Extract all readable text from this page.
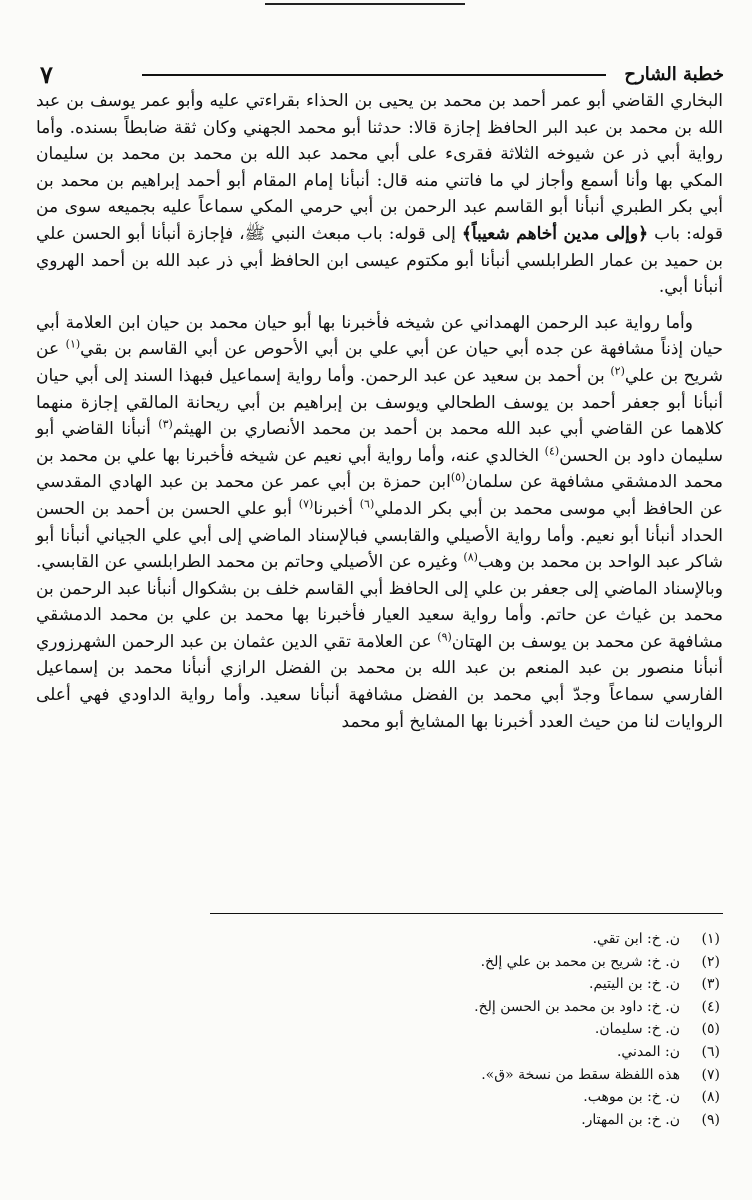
٧	خطبة الشارح

البخاري القاضي أبو عمر أحمد بن محمد بن يحيى بن الحذاء بقراءتي عليه وأبو عمر يوسف بن عبد الله بن محمد بن عبد البر الحافظ إجازة قالا: حدثنا أبو محمد الجهني وكان ثقة ضابطاً بسنده. وأما رواية أبي ذر عن شيوخه الثلاثة فقرىء على أبي محمد عبد الله بن محمد بن محمد بن سليمان المكي بها وأنا أسمع وأجاز لي ما فاتني منه قال: أنبأنا إمام المقام أبو أحمد إبراهيم بن محمد بن أبي بكر الطبري أنبأنا أبو القاسم عبد الرحمن بن أبي حرمي المكي سماعاً عليه بجميعه سوى من قوله: باب ﴿وإلى مدين أخاهم شعيباً﴾ إلى قوله: باب مبعث النبي ﷺ، فإجازة أنبأنا أبو الحسن علي بن حميد بن عمار الطرابلسي أنبأنا أبو مكتوم عيسى ابن الحافظ أبي ذر عبد الله بن أحمد الهروي أنبأنا أبي.

وأما رواية عبد الرحمن الهمداني عن شيخه فأخبرنا بها أبو حيان محمد بن حيان ابن العلامة أبي حيان إذناً مشافهة عن جده أبي حيان عن أبي علي بن أبي الأحوص عن أبي القاسم بن بقي$^{(١)}$ عن شريح بن علي$^{(٢)}$ بن أحمد بن سعيد عن عبد الرحمن. وأما رواية إسماعيل فبهذا السند إلى أبي حيان أنبأنا أبو جعفر أحمد بن يوسف الطحالي ويوسف بن إبراهيم بن أبي ريحانة المالقي إجازة منهما كلاهما عن القاضي أبي عبد الله محمد بن أحمد بن محمد الأنصاري بن الهيثم$^{(٣)}$ أنبأنا القاضي أبو سليمان داود بن الحسن$^{(٤)}$ الخالدي عنه، وأما رواية أبي نعيم عن شيخه فأخبرنا بها علي بن محمد بن محمد الدمشقي مشافهة عن سلمان$^{(٥)}$ابن حمزة بن أبي عمر عن محمد بن عبد الهادي المقدسي عن الحافظ أبي موسى محمد بن أبي بكر الدملي$^{(٦)}$ أخبرنا$^{(٧)}$ أبو علي الحسن بن أحمد بن الحسن الحداد أنبأنا أبو نعيم. وأما رواية الأصيلي والقابسي فبالإسناد الماضي إلى أبي علي الجياني أنبأنا أبو شاكر عبد الواحد بن محمد بن وهب$^{(٨)}$ وغيره عن الأصيلي وحاتم بن محمد الطرابلسي عن القابسي. وبالإسناد الماضي إلى جعفر بن علي إلى الحافظ أبي القاسم خلف بن بشكوال أنبأنا عبد الرحمن بن محمد بن غياث عن حاتم. وأما رواية سعيد العيار فأخبرنا بها محمد بن علي بن محمد الدمشقي مشافهة عن محمد بن يوسف بن الهتان$^{(٩)}$ عن العلامة تقي الدين عثمان بن عبد الرحمن الشهرزوري أنبأنا منصور بن عبد المنعم بن عبد الله بن محمد بن الفضل الرازي أنبأنا محمد بن إسماعيل الفارسي سماعاً وجدّ أبي محمد بن الفضل مشافهة أنبأنا سعيد. وأما رواية الداودي فهي أعلى الروايات لنا من حيث العدد أخبرنا بها المشايخ أبو محمد

(١)
ن. خ: ابن تقي.
(٢)
ن. خ: شريح بن محمد بن علي إلخ.
(٣)
ن. خ: بن اليتيم.
(٤)
ن. خ: داود بن محمد بن الحسن إلخ.
(٥)
ن. خ: سليمان.
(٦)
ن: المدني.
(٧)
هذه اللفظة سقط من نسخة «ق».
(٨)
ن. خ: بن موهب.
(٩)
ن. خ: بن المهتار.
